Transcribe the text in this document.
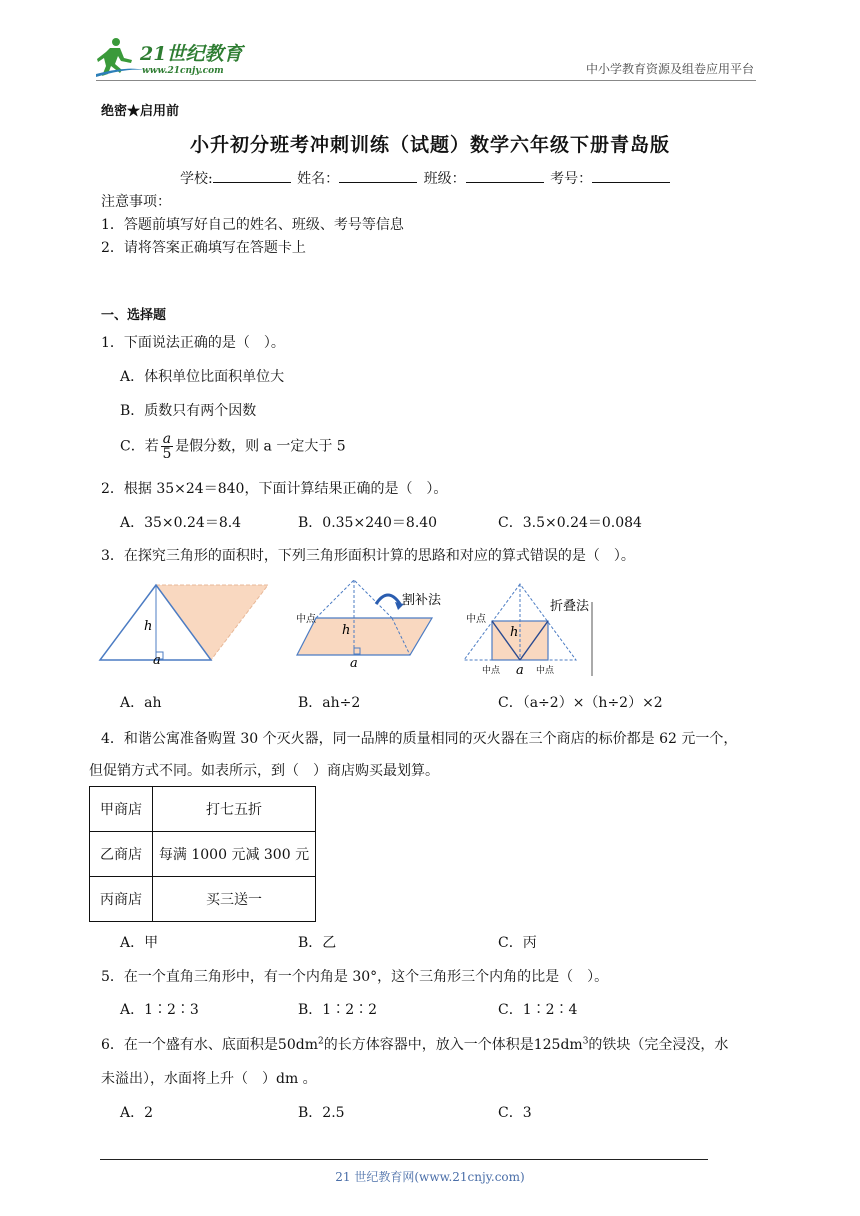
21世纪教育
www.21cnjy.com	中小学教育资源及组卷应用平台
绝密★启用前
小升初分班考冲刺训练（试题）数学六年级下册青岛版
学校:	姓名：	班级：	考号：
注意事项：
1．答题前填写好自己的姓名、班级、考号等信息
2．请将答案正确填写在答题卡上
一、选择题
1．下面说法正确的是（　）。
A．体积单位比面积单位大
B．质数只有两个因数
C．若 $\frac{a}{5}$ 是假分数，则 a 一定大于 5
2．根据 35×24＝840，下面计算结果正确的是（　）。
A．35×0.24＝8.4	B．0.35×240＝8.40	C．3.5×0.24＝0.084
3．在探究三角形的面积时，下列三角形面积计算的思路和对应的算式错误的是（　）。
h
a
中点
割补法
h
a
中点
中点	中点
折叠法
h
a
A．ah	B．ah÷2	C．（a÷2）×（h÷2）×2
4．和谐公寓准备购置 30 个灭火器，同一品牌的质量相同的灭火器在三个商店的标价都是 62 元一个，
但促销方式不同。如表所示，到（　）商店购买最划算。
甲商店	打七五折
乙商店	每满 1000 元减 300 元
丙商店	买三送一
A．甲	B．乙	C．丙
5．在一个直角三角形中，有一个内角是 30°，这个三角形三个内角的比是（　）。
A．1∶2∶3	B．1∶2∶2	C．1∶2∶4
6．在一个盛有水、底面积是$50dm^2$的长方体容器中，放入一个体积是$125dm^3$的铁块（完全浸没，水
未溢出），水面将上升（　）dm 。
A．2	B．2.5	C．3
21 世纪教育网(www.21cnjy.com)
